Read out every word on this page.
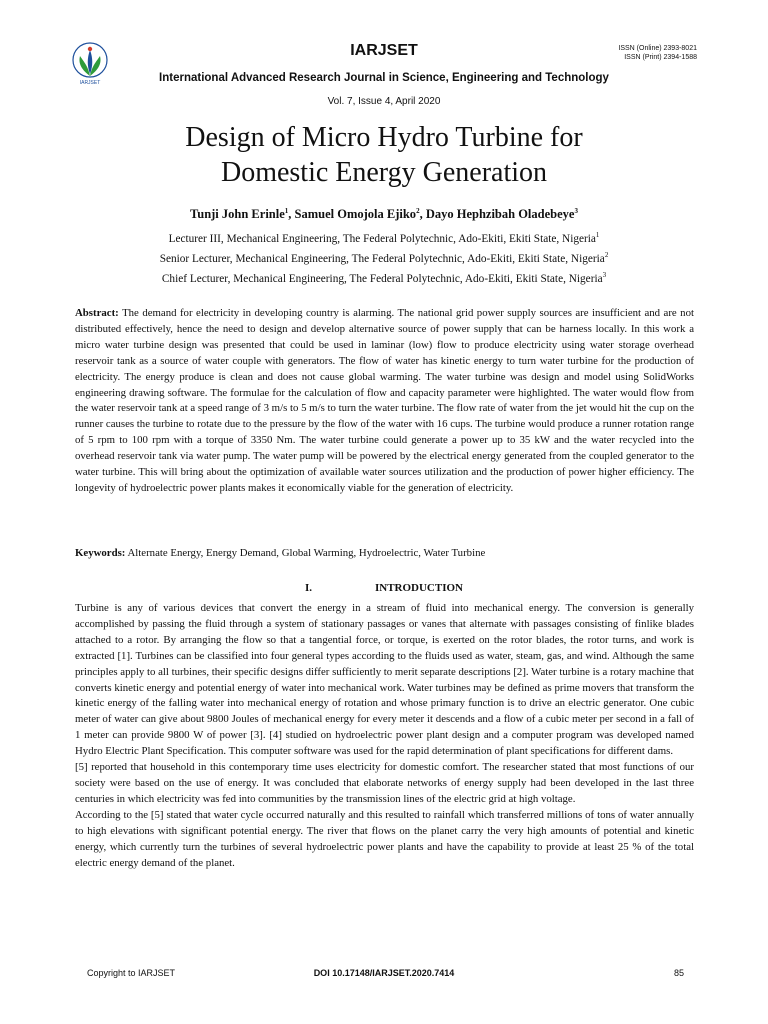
IARJSET
IARJSET	ISSN (Online) 2393-8021
ISSN (Print) 2394-1588
International Advanced Research Journal in Science, Engineering and Technology
Vol. 7, Issue 4, April 2020
Design of Micro Hydro Turbine for
Domestic Energy Generation
Tunji John Erinle$^1$, Samuel Omojola Ejiko$^2$, Dayo Hephzibah Oladebeye$^3$
Lecturer III, Mechanical Engineering, The Federal Polytechnic, Ado-Ekiti, Ekiti State, Nigeria$^1$
Senior Lecturer, Mechanical Engineering, The Federal Polytechnic, Ado-Ekiti, Ekiti State, Nigeria$^2$
Chief Lecturer, Mechanical Engineering, The Federal Polytechnic, Ado-Ekiti, Ekiti State, Nigeria$^3$

Abstract: The demand for electricity in developing country is alarming. The national grid power supply sources are insufficient and are not distributed effectively, hence the need to design and develop alternative source of power supply that can be harness locally. In this work a micro water turbine design was presented that could be used in laminar (low) flow to produce electricity using water storage overhead reservoir tank as a source of water couple with generators. The flow of water has kinetic energy to turn water turbine for the production of electricity. The energy produce is clean and does not cause global warming. The water turbine was design and model using SolidWorks engineering drawing software. The formulae for the calculation of flow and capacity parameter were highlighted. The water would flow from the water reservoir tank at a speed range of 3 m/s to 5 m/s to turn the water turbine. The flow rate of water from the jet would hit the cup on the runner causes the turbine to rotate due to the pressure by the flow of the water with 16 cups. The turbine would produce a runner rotation range of 5 rpm to 100 rpm with a torque of 3350 Nm. The water turbine could generate a power up to 35 kW and the water recycled into the overhead reservoir tank via water pump. The water pump will be powered by the electrical energy generated from the coupled generator to the water turbine. This will bring about the optimization of available water sources utilization and the production of power higher efficiency. The longevity of hydroelectric power plants makes it economically viable for the generation of electricity.

Keywords: Alternate Energy, Energy Demand, Global Warming, Hydroelectric, Water Turbine

I.	INTRODUCTION

Turbine is any of various devices that convert the energy in a stream of fluid into mechanical energy. The conversion is generally accomplished by passing the fluid through a system of stationary passages or vanes that alternate with passages consisting of finlike blades attached to a rotor. By arranging the flow so that a tangential force, or torque, is exerted on the rotor blades, the rotor turns, and work is extracted [1]. Turbines can be classified into four general types according to the fluids used as water, steam, gas, and wind. Although the same principles apply to all turbines, their specific designs differ sufficiently to merit separate descriptions [2]. Water turbine is a rotary machine that converts kinetic energy and potential energy of water into mechanical work. Water turbines may be defined as prime movers that transform the kinetic energy of the falling water into mechanical energy of rotation and whose primary function is to drive an electric generator. One cubic meter of water can give about 9800 Joules of mechanical energy for every meter it descends and a flow of a cubic meter per second in a fall of 1 meter can provide 9800 W of power [3]. [4] studied on hydroelectric power plant design and a computer program was developed named Hydro Electric Plant Specification. This computer software was used for the rapid determination of plant specifications for different dams.

[5] reported that household in this contemporary time uses electricity for domestic comfort. The researcher stated that most functions of our society were based on the use of energy. It was concluded that elaborate networks of energy supply had been developed in the last three centuries in which electricity was fed into communities by the transmission lines of the electric grid at high voltage.

According to the [5] stated that water cycle occurred naturally and this resulted to rainfall which transferred millions of tons of water annually to high elevations with significant potential energy. The river that flows on the planet carry the very high amounts of potential and kinetic energy, which currently turn the turbines of several hydroelectric power plants and have the capability to provide at least 25 % of the total electric energy demand of the planet.

Copyright to IARJSET	DOI 10.17148/IARJSET.2020.7414	85
